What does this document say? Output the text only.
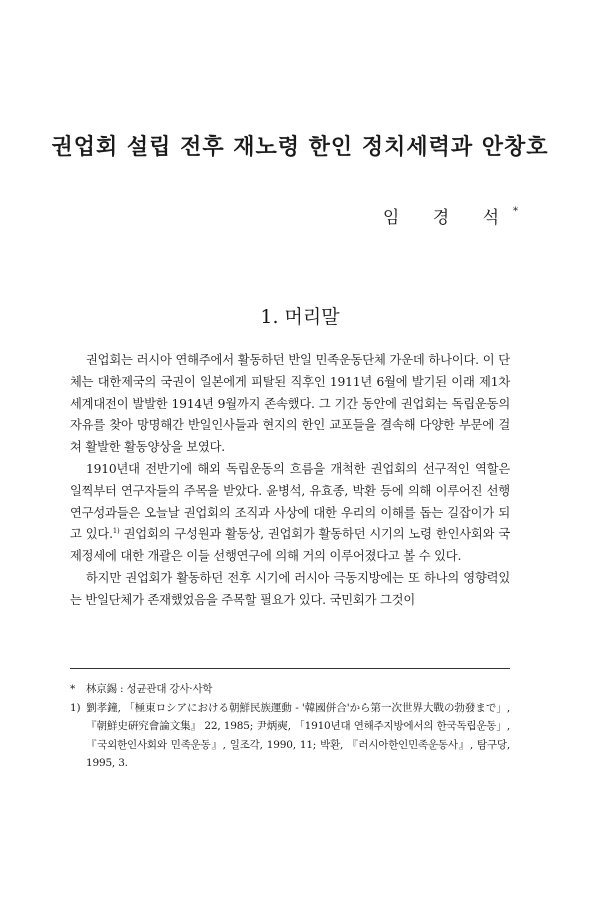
권업회 설립 전후 재노령 한인 정치세력과 안창호

임 경 석*

1. 머리말

권업회는 러시아 연해주에서 활동하던 반일 민족운동단체 가운데 하나이다. 이 단체는 대한제국의 국권이 일본에게 피탈된 직후인 1911년 6월에 발기된 이래 제1차 세계대전이 발발한 1914년 9월까지 존속했다. 그 기간 동안에 권업회는 독립운동의 자유를 찾아 망명해간 반일인사들과 현지의 한인 교포들을 결속해 다양한 부문에 걸쳐 활발한 활동양상을 보였다.

1910년대 전반기에 해외 독립운동의 흐름을 개척한 권업회의 선구적인 역할은 일찍부터 연구자들의 주목을 받았다. 윤병석, 유효종, 박환 등에 의해 이루어진 선행 연구성과들은 오늘날 권업회의 조직과 사상에 대한 우리의 이해를 돕는 길잡이가 되고 있다.$^{1)}$ 권업회의 구성원과 활동상, 권업회가 활동하던 시기의 노령 한인사회와 국제정세에 대한 개괄은 이들 선행연구에 의해 거의 이루어졌다고 볼 수 있다.

하지만 권업회가 활동하던 전후 시기에 러시아 극동지방에는 또 하나의 영향력있는 반일단체가 존재했었음을 주목할 필요가 있다. 국민회가 그것이

* 林京錫 : 성균관대 강사·사학

1) 劉孝鐘, 「極東ロシアにおける朝鮮民族運動 - '韓國併合'から第一次世界大戰の勃發まで」, 『朝鮮史硏究會論文集』 22, 1985; 尹炳奭, 「1910년대 연해주지방에서의 한국독립운동」, 『국외한인사회와 민족운동』, 일조각, 1990, 11; 박환, 『러시아한인민족운동사』, 탐구당, 1995, 3.
